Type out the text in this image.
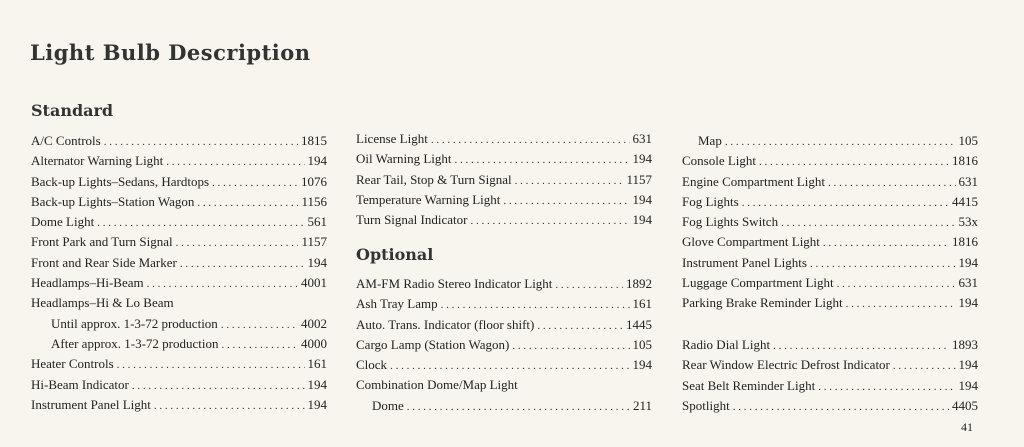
Light Bulb Description
Standard
A/C Controls . . .	1815
Alternator Warning Light . . .	194
Back-up Lights–Sedans, Hardtops . . .	1076
Back-up Lights–Station Wagon . . .	1156
Dome Light . . .	561
Front Park and Turn Signal . . .	1157
Front and Rear Side Marker . . .	194
Headlamps–Hi-Beam . . .	4001
Headlamps–Hi & Lo Beam
Until approx. 1-3-72 production . . .	4002
After approx. 1-3-72 production . . .	4000
Heater Controls . . .	161
Hi-Beam Indicator . . .	194
Instrument Panel Light . . .	194
License Light . . .	631
Oil Warning Light . . .	194
Rear Tail, Stop & Turn Signal . . .	1157
Temperature Warning Light . . .	194
Turn Signal Indicator . . .	194
Optional
AM-FM Radio Stereo Indicator Light . . .	1892
Ash Tray Lamp . . .	161
Auto. Trans. Indicator (floor shift) . . .	1445
Cargo Lamp (Station Wagon) . . .	105
Clock . . .	194
Combination Dome/Map Light
Dome . . .	211
Map . . .	105
Console Light . . .	1816
Engine Compartment Light . . .	631
Fog Lights . . .	4415
Fog Lights Switch . . .	53x
Glove Compartment Light . . .	1816
Instrument Panel Lights . . .	194
Luggage Compartment Light . . .	631
Parking Brake Reminder Light . . .	194
Radio Dial Light . . .	1893
Rear Window Electric Defrost Indicator . . .	194
Seat Belt Reminder Light . . .	194
Spotlight . . .	4405
41
